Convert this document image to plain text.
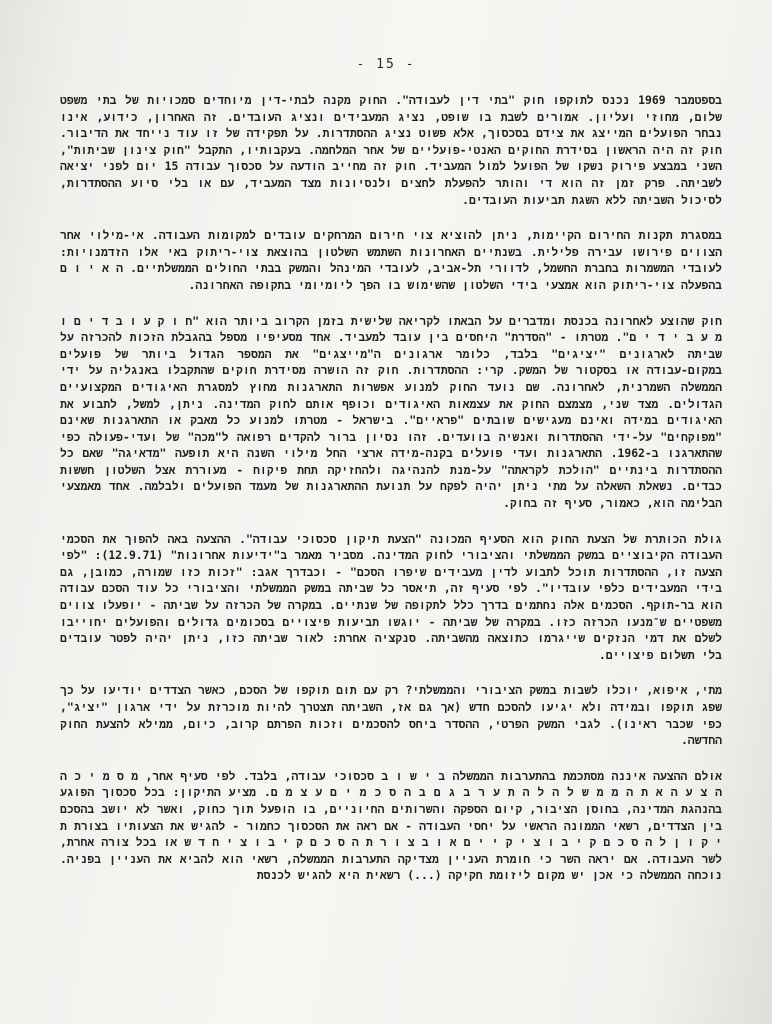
- 15 -

בספטמבר 1969 נכנס לתוקפו חוק "בתי דין לעבודה". החוק מקנה לבתי-דין מיוחדים סמכויות של בתי משפט שלום, מחוזי ועליון. אמורים לשבת בו שופט, נציג המעבידים ונציג העובדים. זה האחרון, כידוע, אינו נבחר הפועלים המייצג את צידם בסכסוך, אלא פשוט נציג ההסתדרות. על תפקידה של זו עוד נייחד את הדיבור. חוק זה היה הראשון בסידרת החוקים האנטי-פועליים של אחר המלחמה. בעקבותיו, התקבל "חוק צינון שביתות", השני במבצע פירוק נשקו של הפועל למול המעביד. חוק זה מחייב הודעה על סכסוך עבודה 15 יום לפני יציאה לשביתה. פרק זמן זה הוא די והותר להפעלת לחצים ולנסיונות מצד המעביד, עם או בלי סיוע ההסתדרות, לסיכול השביתה ללא השגת תביעות העובדים.

במסגרת תקנות החירום הקיימות, ניתן להוציא צוי חירום המרחקים עובדים למקומות העבודה. אי-מילוי אחר הצווים פירושו עבירה פלילית. בשנתיים האחרונות השתמש השלטון בהוצאת צוי-ריתוק באי אלו הזדמנויות: לעובדי המשמרות בחברת החשמל, לדוורי תל-אביב, לעובדי המינהל והמשק בבתי החולים הממשלתיים. ה א י ו ם בהפעלה צוי-ריתוק הוא אמצעי בידי השלטון שהשימוש בו הפך ליומיומי בתקופה האחרונה.

חוק שהוצע לאחרונה בכנסת ומדברים על הבאתו לקריאה שלישית בזמן הקרוב ביותר הוא "ח ו ק ע ו ב ד י ם ו מ ע ב י ד י ם". מטרתו - "הסדרת" היחסים בין עובד למעביד. אחד מסעיפיו מספל בהגבלת הזכות להכרזה על שביתה לארגונים "יציגים" בלבד, כלומר ארגונים ה"מייצגים" את המספר הגדול ביותר של פועלים במקום-עבודה או בסקטור של המשק. קרי: ההסתדרות. חוק זה הושרה מסידרת חוקים שהתקבלו באנגליה על ידי הממשלה השמרנית, לאחרונה. שם נועד החוק למנוע אפשרות התארגנות מחוץ למסגרת האיגודים המקצועיים הגדולים. מצד שני, מצמצם החוק את עצמאות האיגודים וכופף אותם לחוק המדינה. ניתן, למשל, לתבוע את האיגודים במידה ואינם מעגישים שובתים "פראיים". בישראל - מטרתו למנוע כל מאבק או התארגנות שאינם "מפוקחים" על-ידי ההסתדרות ואנשיה בוועדים. זהו נסיון ברור להקדים רפואה ל"מכה" של ועדי-פעולה כפי שהתארגנו ב-1962. התארגנות ועדי פועלים בקנה-מידה ארצי החל מילוי השנה היא תופעה "מדאיגה" שאם כל ההסתדרות בינתיים "הולכת לקראתה" על-מנת להנהיגה ולהחזיקה תחת פיקוח - מעוררת אצל השלטון חששות כבדים. נשאלת השאלה על מתי ניתן יהיה לפקח על תנועת ההתארגנות של מעמד הפועלים ולבלמה. אחד מאמצעי הבלימה הוא, כאמור, סעיף זה בחוק.

גולת הכותרת של הצעת החוק הוא הסעיף המכונה "הצעת תיקון סכסוכי עבודה". ההצעה באה להפוך את הסכמי העבודה הקיבוציים במשק הממשלתי והציבורי לחוק המדינה. מסביר מאמר ב"ידיעות אחרונות" (12.9.71): "לפי הצעה זו, ההסתדרות תוכל לתבוע לדין מעבידים שיפרו הסכם" - וכבדרך אגב: "זכות כזו שמורה, כמובן, גם בידי המעבידים כלפי עובדיו". לפי סעיף זה, תיאסר כל שביתה במשק הממשלתי והציבורי כל עוד הסכם עבודה הוא בר-תוקף. הסכמים אלה נחתמים בדרך כלל לתקופה של שנתיים. במקרה של הכרזה על שביתה - יופעלו צווים משפטיים ש־מנעו הכרזה כזו. במקרה של שביתה - יוגשו תביעות פיצויים בסכומים גדולים והפועלים יחוייבו לשלם את דמי הנזקים שייגרמו כתוצאה מהשביתה. סנקציה אחרת: לאור שביתה כזו, ניתן יהיה לפטר עובדים בלי תשלום פיצויים.

מתי, איפוא, יוכלו לשבות במשק הציבורי והממשלתי? רק עם תום תוקפו של הסכם, כאשר הצדדים יודיעו על כך שפג תוקפו ובמידה ולא יגיעו להסכם חדש (אך גם אז, השביתה תצטרך להיות מוכרזת על ידי ארגון "יציג", כפי שכבר ראינו). לגבי המשק הפרטי, ההסדר ביחס להסכמים וזכות הפרתם קרוב, כיום, ממילא להצעת החוק החדשה.

אולם ההצעה איננה מסתכמת בהתערבות הממשלה ב י ש ו ב סכסוכי עבודה, בלבד. לפי סעיף אחר, מ ס מ י כ ה ה צ ע ה א ת ה מ מ ש ל ה ל ה ת ע ר ב ג ם ב ה ס כ מ י ם ע צ מ ם. מציע התיקון: בכל סכסוך הפוגע בהנהגת המדינה, בחוסן הציבור, קיום הספקה והשרותים החיוניים, בו הופעל תוך כחוק, ואשר לא יושב בהסכם בין הצדדים, רשאי הממונה הראשי על יחסי העבודה - אם ראה את הסכסוך כחמור - להגיש את הצעותיו בצורת ת י ק ו ן ל ה ס כ ם ק י ב ו צ י ק י י ם א ו ב צ ו ר ת ה ס כ ם ק י ב ו צ י ח ד ש או בכל צורה אחרת, לשר העבודה. אם יראה השר כי חומרת העניין מצדיקה התערבות הממשלה, רשאי הוא להביא את העניין בפניה. נוכחה הממשלה כי אכן יש מקום ליזומת חקיקה (...) רשאית היא להגיש לכנסת
